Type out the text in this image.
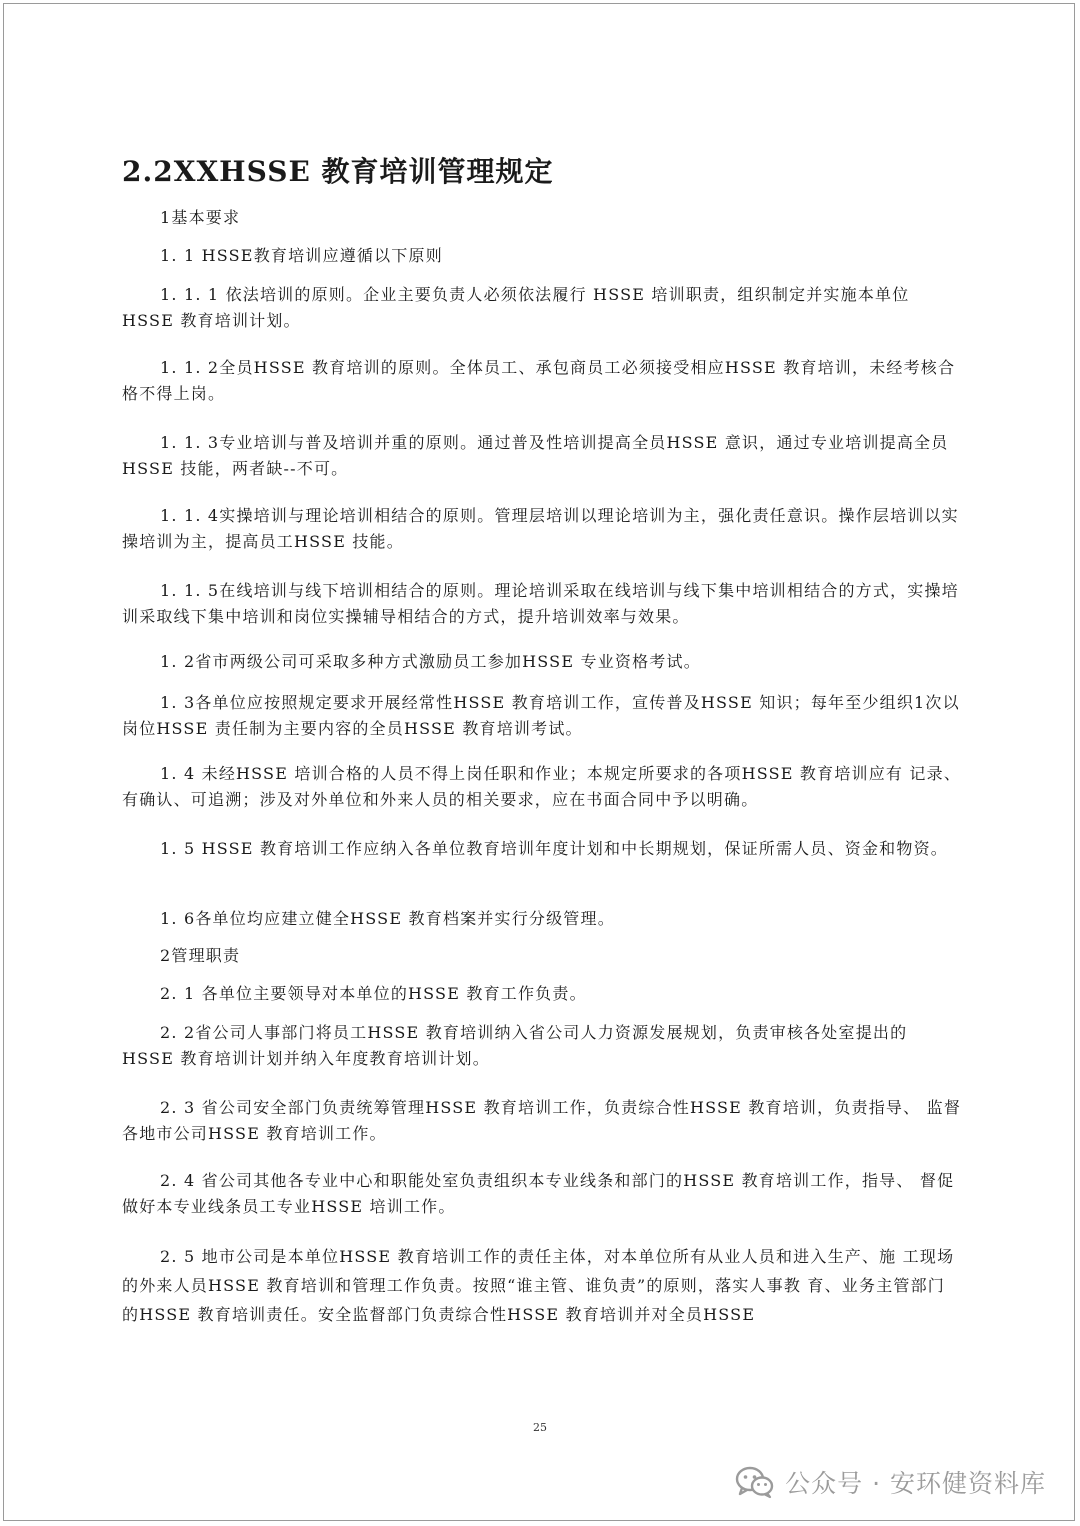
2.2XXHSSE 教育培训管理规定
1基本要求
1. 1 HSSE教育培训应遵循以下原则

1. 1. 1 依法培训的原则。企业主要负责人必须依法履行 HSSE 培训职责，组织制定并实施本单位 HSSE 教育培训计划。

1. 1. 2全员HSSE 教育培训的原则。全体员工、承包商员工必须接受相应HSSE 教育培训，未经考核合格不得上岗。

1. 1. 3专业培训与普及培训并重的原则。通过普及性培训提高全员HSSE 意识，通过专业培训提高全员HSSE 技能，两者缺--不可。

1. 1. 4实操培训与理论培训相结合的原则。管理层培训以理论培训为主，强化责任意识。操作层培训以实操培训为主，提高员工HSSE 技能。

1. 1. 5在线培训与线下培训相结合的原则。理论培训采取在线培训与线下集中培训相结合的方式，实操培训采取线下集中培训和岗位实操辅导相结合的方式，提升培训效率与效果。

1. 2省市两级公司可采取多种方式激励员工参加HSSE 专业资格考试。

1. 3各单位应按照规定要求开展经常性HSSE 教育培训工作，宣传普及HSSE 知识；每年至少组织1次以岗位HSSE 责任制为主要内容的全员HSSE 教育培训考试。

1. 4 未经HSSE 培训合格的人员不得上岗任职和作业；本规定所要求的各项HSSE 教育培训应有 记录、有确认、可追溯；涉及对外单位和外来人员的相关要求，应在书面合同中予以明确。

1. 5 HSSE 教育培训工作应纳入各单位教育培训年度计划和中长期规划，保证所需人员、资金和物资。

1. 6各单位均应建立健全HSSE 教育档案并实行分级管理。

2管理职责

2. 1 各单位主要领导对本单位的HSSE 教育工作负责。

2. 2省公司人事部门将员工HSSE 教育培训纳入省公司人力资源发展规划，负责审核各处室提出的 HSSE 教育培训计划并纳入年度教育培训计划。

2. 3 省公司安全部门负责统筹管理HSSE 教育培训工作，负责综合性HSSE 教育培训，负责指导、 监督各地市公司HSSE 教育培训工作。

2. 4 省公司其他各专业中心和职能处室负责组织本专业线条和部门的HSSE 教育培训工作，指导、 督促做好本专业线条员工专业HSSE 培训工作。

2. 5 地市公司是本单位HSSE 教育培训工作的责任主体，对本单位所有从业人员和进入生产、施 工现场的外来人员HSSE 教育培训和管理工作负责。按照“谁主管、谁负责”的原则，落实人事教 育、业务主管部门的HSSE 教育培训责任。安全监督部门负责综合性HSSE 教育培训并对全员HSSE

25
公众号 · 安环健资料库
